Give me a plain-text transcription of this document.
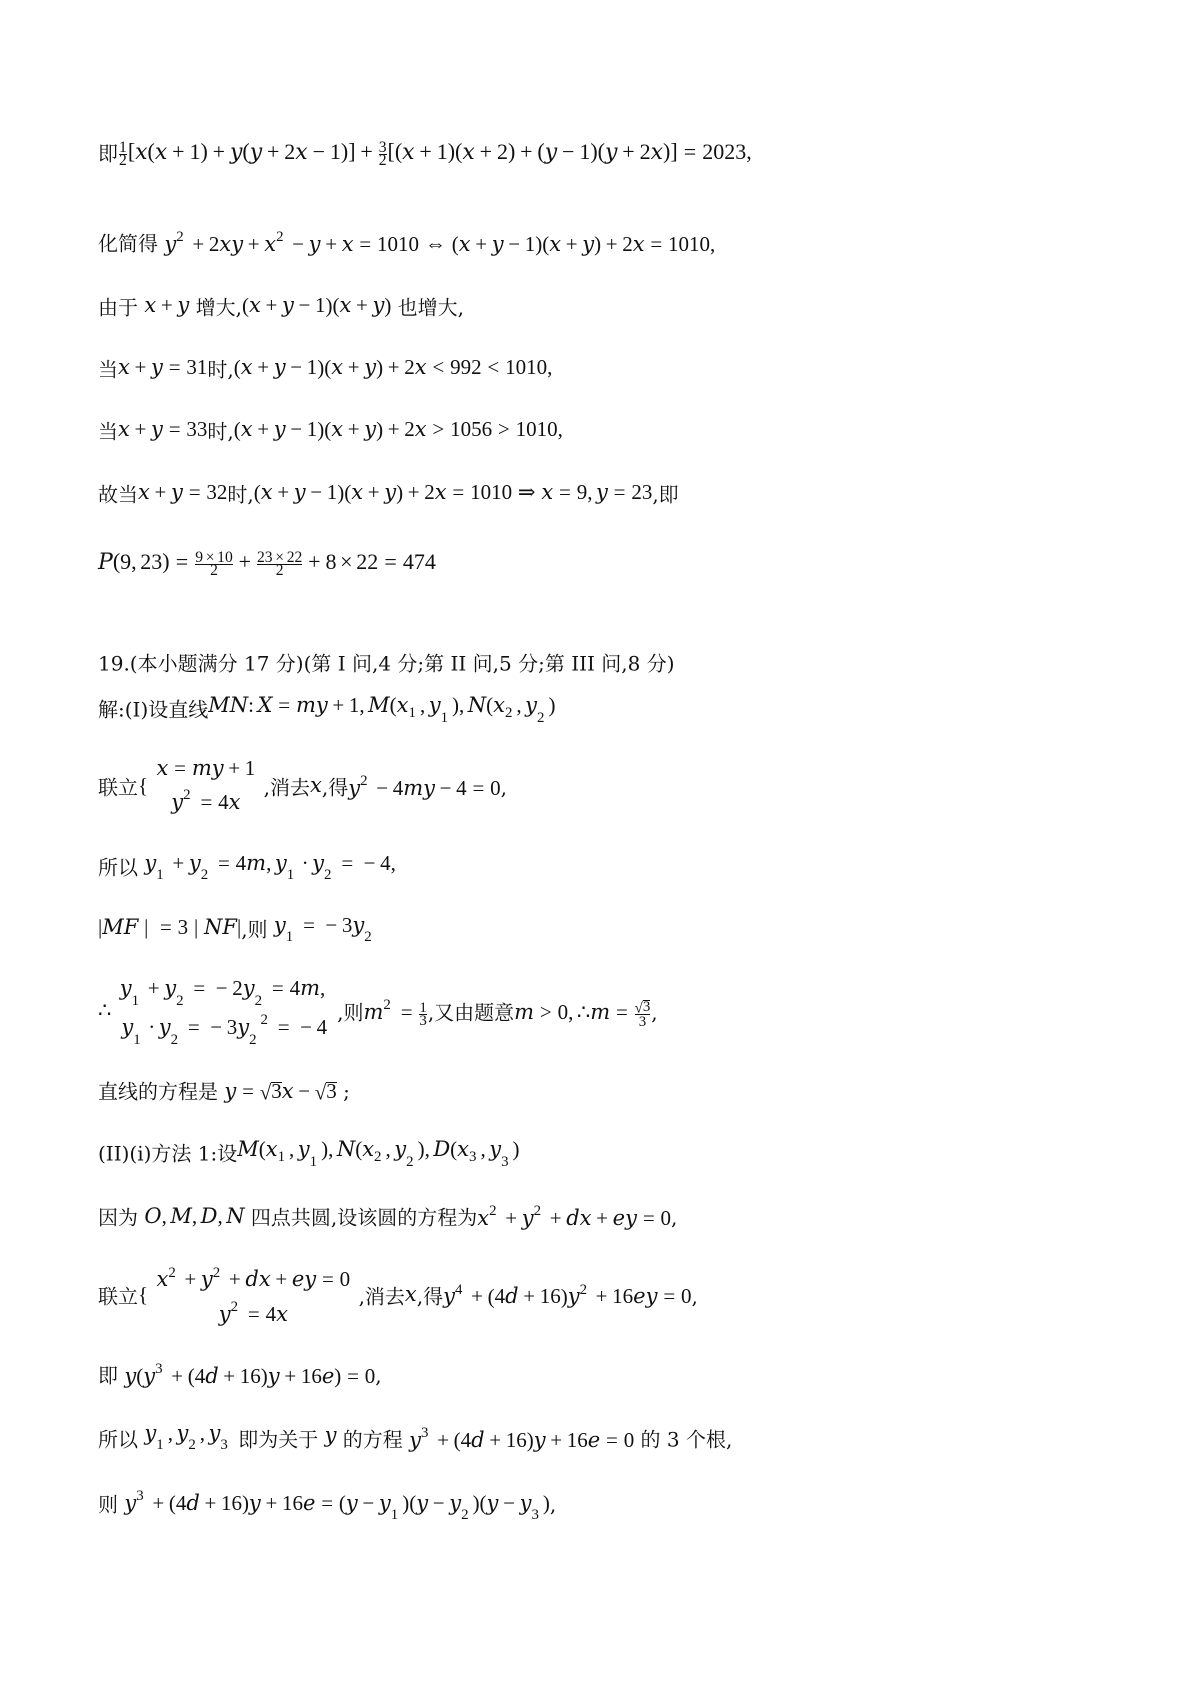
即 1
2 [ x ( x + 1 ) + y ( y + 2 x − 1 ) ] + 3
2 [ ( x + 1 ) ( x + 2 ) + ( y − 1 ) ( y + 2 x ) ] = 2023 ,
化简得 y 2 + 2 x y + x 2 − y + x = 1010 ⇔ ( x + y − 1 ) ( x + y ) + 2 x = 1010 ,
由于 x + y 增大, ( x + y − 1 ) ( x + y ) 也增大,
当 x + y = 31 时, ( x + y − 1 ) ( x + y ) + 2 x < 992 < 1010 ,
当 x + y = 33 时, ( x + y − 1 ) ( x + y ) + 2 x > 1056 > 1010 ,
故当 x + y = 32 时, ( x + y − 1 ) ( x + y ) + 2 x = 1010 ⇒ x = 9 , y = 23 ,即
𝑃 ( 9 , 23 ) = 9 × 10
2 + 23 × 22
2 + 8 × 22 = 474
19.(本小题满分 17 分)(第 I 问,4 分;第 II 问,5 分;第 III 问,8 分)
解:(I)设直线 M N : X = m y + 1 , M ( x 1 , y
1 ) , N ( x 2 , y
2 )
联立 {
𝑥 = m y + 1

𝑦 2 = 4 x
,消去 x ,得 y 2 − 4 m y − 4 = 0 ,
所以 y
1
+ y
2
= 4 m , y
1
· y
2
= − 4 ,
| M F | = 3 | N F | ,则 y
1
= − 3 y
2
∴
𝑦
1
+ y
2
= − 2 y
2
= 4 m ,

𝑦
1
· y
2
= − 3 y
2
2 = − 4
,则 m 2 = 1
3 ,又由题意 m > 0 , ∴ m = 3
3 ,
直线的方程是 y = 3 x − 3 ;
(II)(i)方法 1:设 M ( x 1 , y
1 ) , N ( x 2 , y
2 ) , D ( x 3 , y
3 )
因为 O , M , D , N 四点共圆,设该圆的方程为 x 2 + y 2 + d x + e y = 0 ,
联立 {
𝑥 2 + y 2 + d x + e y = 0

𝑦 2 = 4 x
,消去 x ,得 y 4 + ( 4 d + 16 ) y 2 + 16 e y = 0 ,
即 y ( y 3 + ( 4 d + 16 ) y + 16 e ) = 0 ,
所以 y
1
, y
2
, y
3 即为关于 y 的方程 y 3 + ( 4 d + 16 ) y + 16 e = 0 的 3 个根,
则 y 3 + ( 4 d + 16 ) y + 16 e = ( y − y
1 ) ( y − y
2 ) ( y − y
3 ) ,
